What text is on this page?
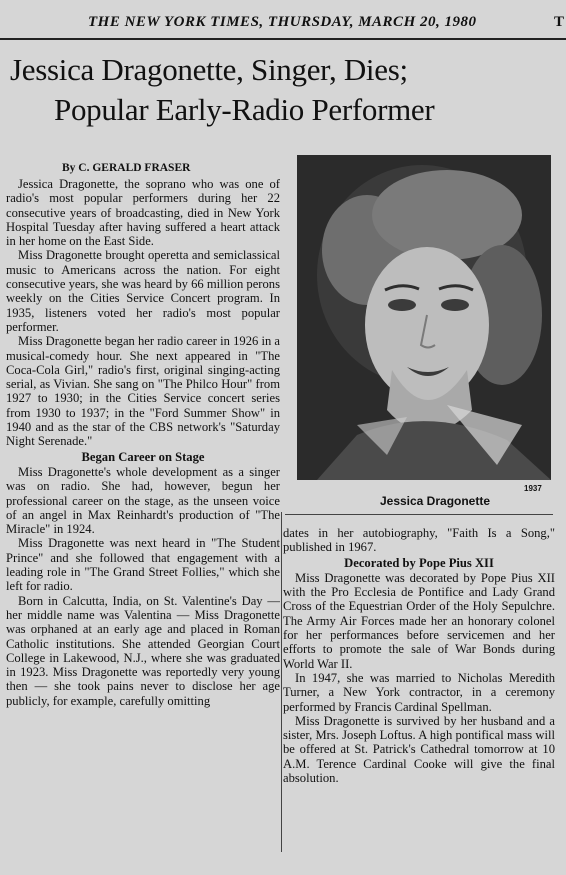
THE NEW YORK TIMES, THURSDAY, MARCH 20, 1980	T
Jessica Dragonette, Singer, Dies;
Popular Early-Radio Performer
By C. GERALD FRASER

Jessica Dragonette, the soprano who was one of radio's most popular performers during her 22 consecutive years of broadcasting, died in New York Hospital Tuesday after having suffered a heart attack in her home on the East Side.

Miss Dragonette brought operetta and semiclassical music to Americans across the nation. For eight consecutive years, she was heard by 66 million perons weekly on the Cities Service Concert program. In 1935, listeners voted her radio's most popular performer.

Miss Dragonette began her radio career in 1926 in a musical-comedy hour. She next appeared in "The Coca-Cola Girl," radio's first, original singing-acting serial, as Vivian. She sang on "The Philco Hour" from 1927 to 1930; in the Cities Service concert series from 1930 to 1937; in the "Ford Summer Show" in 1940 and as the star of the CBS network's "Saturday Night Serenade."

Began Career on Stage

Miss Dragonette's whole development as a singer was on radio. She had, however, begun her professional career on the stage, as the unseen voice of an angel in Max Reinhardt's production of "The Miracle" in 1924.

Miss Dragonette was next heard in "The Student Prince" and she followed that engagement with a leading role in "The Grand Street Follies," which she left for radio.

Born in Calcutta, India, on St. Valentine's Day — her middle name was Valentina — Miss Dragonette was orphaned at an early age and placed in Roman Catholic institutions. She attended Georgian Court College in Lakewood, N.J., where she was graduated in 1923. Miss Dragonette was reportedly very young then — she took pains never to disclose her age publicly, for example, carefully omitting

1937
Jessica Dragonette

dates in her autobiography, "Faith Is a Song," published in 1967.

Decorated by Pope Pius XII

Miss Dragonette was decorated by Pope Pius XII with the Pro Ecclesia de Pontifice and Lady Grand Cross of the Equestrian Order of the Holy Sepulchre. The Army Air Forces made her an honorary colonel for her performances before servicemen and her efforts to promote the sale of War Bonds during World War II.

In 1947, she was married to Nicholas Meredith Turner, a New York contractor, in a ceremony performed by Francis Cardinal Spellman.

Miss Dragonette is survived by her husband and a sister, Mrs. Joseph Loftus. A high pontifical mass will be offered at St. Patrick's Cathedral tomorrow at 10 A.M. Terence Cardinal Cooke will give the final absolution.
